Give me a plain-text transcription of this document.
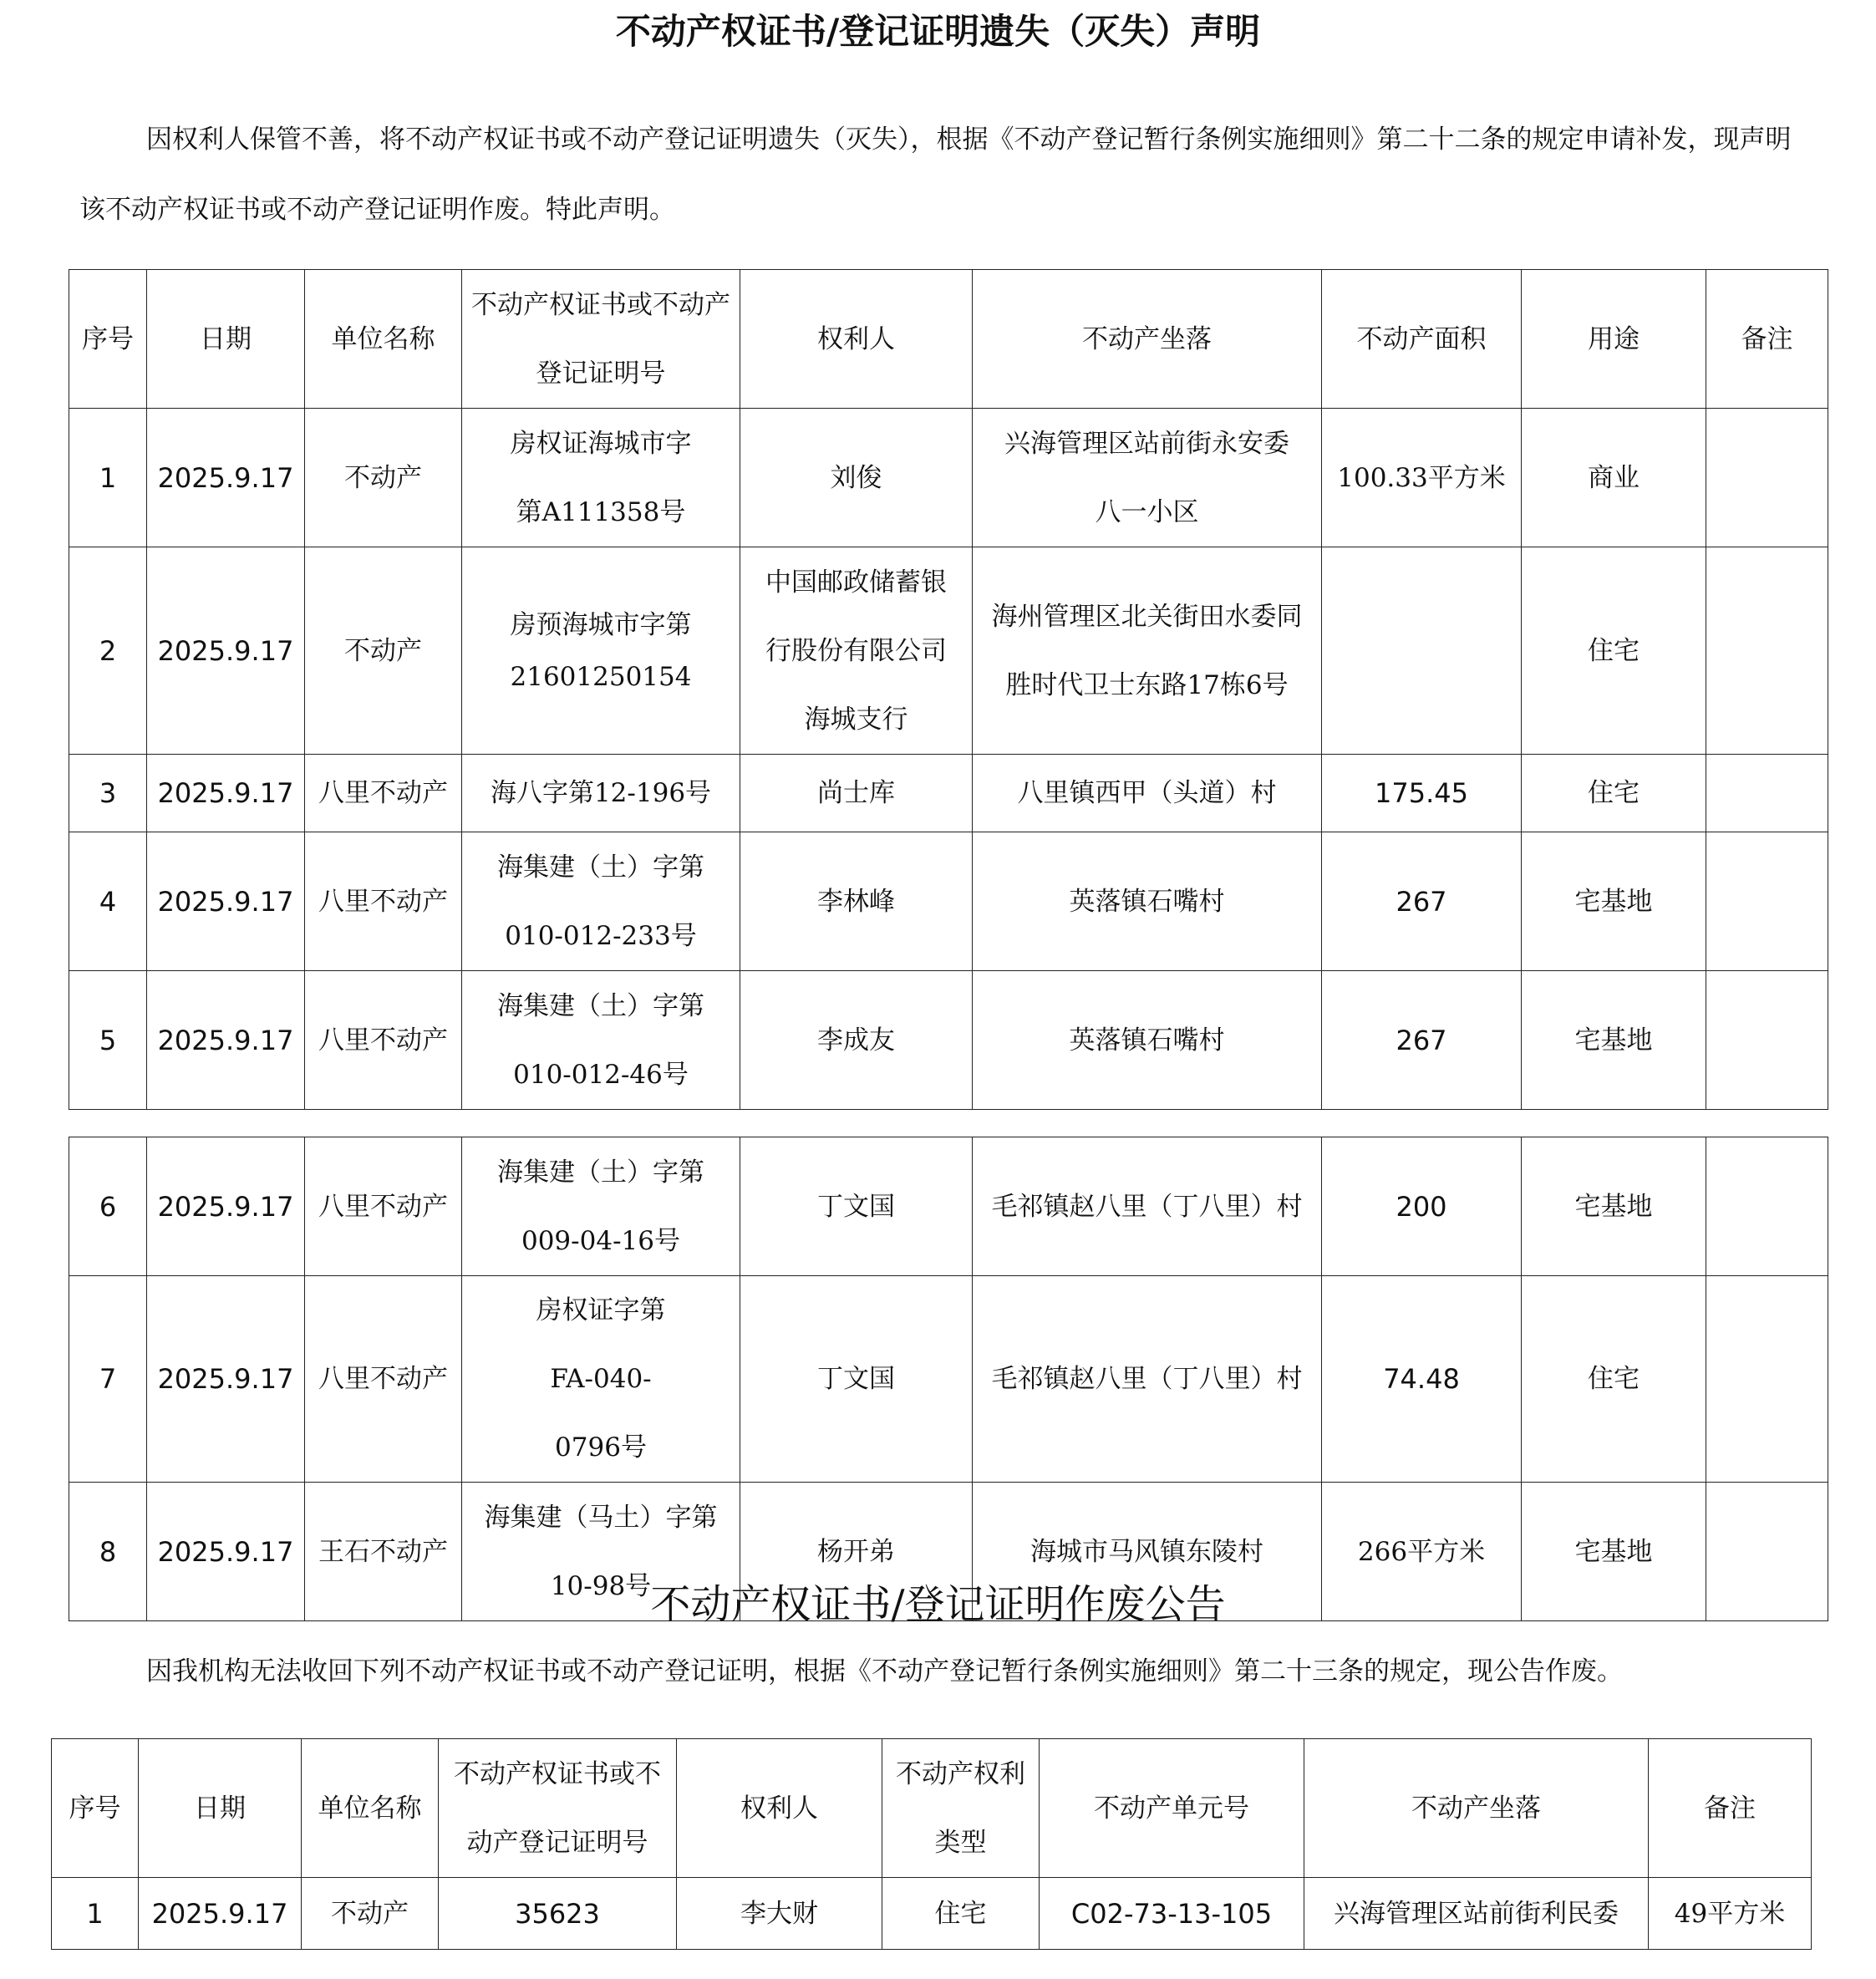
不动产权证书/登记证明遗失（灭失）声明
因权利人保管不善，将不动产权证书或不动产登记证明遗失（灭失），根据《不动产登记暂行条例实施细则》第二十二条的规定申请补发，现声明该不动产权证书或不动产登记证明作废。特此声明。
序号	日期	单位名称	不动产权证书或不动产登记证明号	权利人	不动产坐落	不动产面积	用途	备注
1	2025.9.17	不动产	房权证海城市字第A111358号	刘俊	兴海管理区站前街永安委八一小区	100.33平方米	商业	
2	2025.9.17	不动产	房预海城市字第21601250154	中国邮政储蓄银行股份有限公司海城支行	海州管理区北关街田水委同胜时代卫士东路17栋6号		住宅	
3	2025.9.17	八里不动产	海八字第12-196号	尚士库	八里镇西甲（头道）村	175.45	住宅	
4	2025.9.17	八里不动产	海集建（土）字第010-012-233号	李林峰	英落镇石嘴村	267	宅基地	
5	2025.9.17	八里不动产	海集建（土）字第010-012-46号	李成友	英落镇石嘴村	267	宅基地	
6	2025.9.17	八里不动产	海集建（土）字第009-04-16号	丁文国	毛祁镇赵八里（丁八里）村	200	宅基地	
7	2025.9.17	八里不动产	房权证字第FA-040-0796号	丁文国	毛祁镇赵八里（丁八里）村	74.48	住宅	
8	2025.9.17	王石不动产	海集建（马土）字第10-98号	杨开弟	海城市马风镇东陵村	266平方米	宅基地	
不动产权证书/登记证明作废公告
因我机构无法收回下列不动产权证书或不动产登记证明，根据《不动产登记暂行条例实施细则》第二十三条的规定，现公告作废。
序号	日期	单位名称	不动产权证书或不动产登记证明号	权利人	不动产权利类型	不动产单元号	不动产坐落	备注
1	2025.9.17	不动产	35623	李大财	住宅	C02-73-13-105	兴海管理区站前街利民委	49平方米
